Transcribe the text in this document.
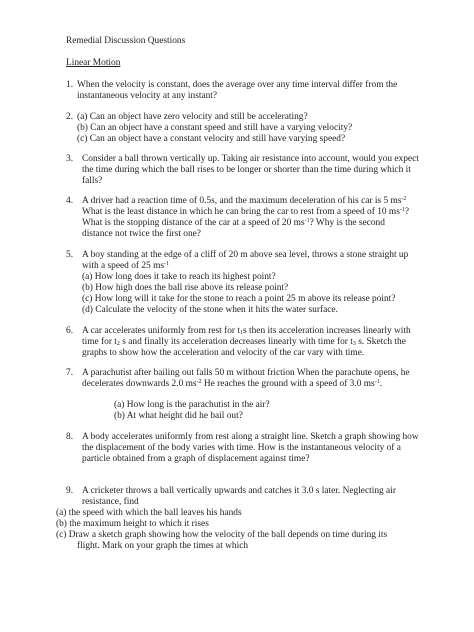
Remedial Discussion Questions
Linear Motion
1. When the velocity is constant, does the average over any time interval differ from the
instantaneous velocity at any instant?
2. (a) Can an object have zero velocity and still be accelerating?
(b) Can an object have a constant speed and still have a varying velocity?
(c) Can an object have a constant velocity and still have varying speed?
3. Consider a ball thrown vertically up. Taking air resistance into account, would you expect
the time during which the ball rises to be longer or shorter than the time during which it
falls?
4. A driver had a reaction time of 0.5s, and the maximum deceleration of his car is 5 $ms^{-2}$
What is the least distance in which he can bring the car to rest from a speed of 10 $ms^{-1}$?
What is the stopping distance of the car at a speed of 20 $ms^{-1}$? Why is the second
distance not twice the first one?
5. A boy standing at the edge of a cliff of 20 m above sea level, throws a stone straight up
with a speed of 25 $ms^{-1}$
(a) How long does it take to reach its highest point?
(b) How high does the ball rise above its release point?
(c) How long will it take for the stone to reach a point 25 m above its release point?
(d) Calculate the velocity of the stone when it hits the water surface.
6. A car accelerates uniformly from rest for $t_1s$ then its acceleration increases linearly with
time for $t_2$ s and finally its acceleration decreases linearly with time for $t_3$ s. Sketch the
graphs to show how the acceleration and velocity of the car vary with time.
7. A parachutist after bailing out falls 50 m without friction When the parachute opens, he
decelerates downwards 2.0 $ms^{-2}$ He reaches the ground with a speed of 3.0 $ms^{-1}$.
(a) How long is the parachutist in the air?
(b) At what height did he bail out?
8. A body accelerates uniformly from rest along a straight line. Sketch a graph showing how
the displacement of the body varies with time. How is the instantaneous velocity of a
particle obtained from a graph of displacement against time?
9. A cricketer throws a ball vertically upwards and catches it 3.0 s later. Neglecting air
resistance, find
(a) the speed with which the ball leaves his hands
(b) the maximum height to which it rises
(c) Draw a sketch graph showing how the velocity of the ball depends on time during its
flight. Mark on your graph the times at which
